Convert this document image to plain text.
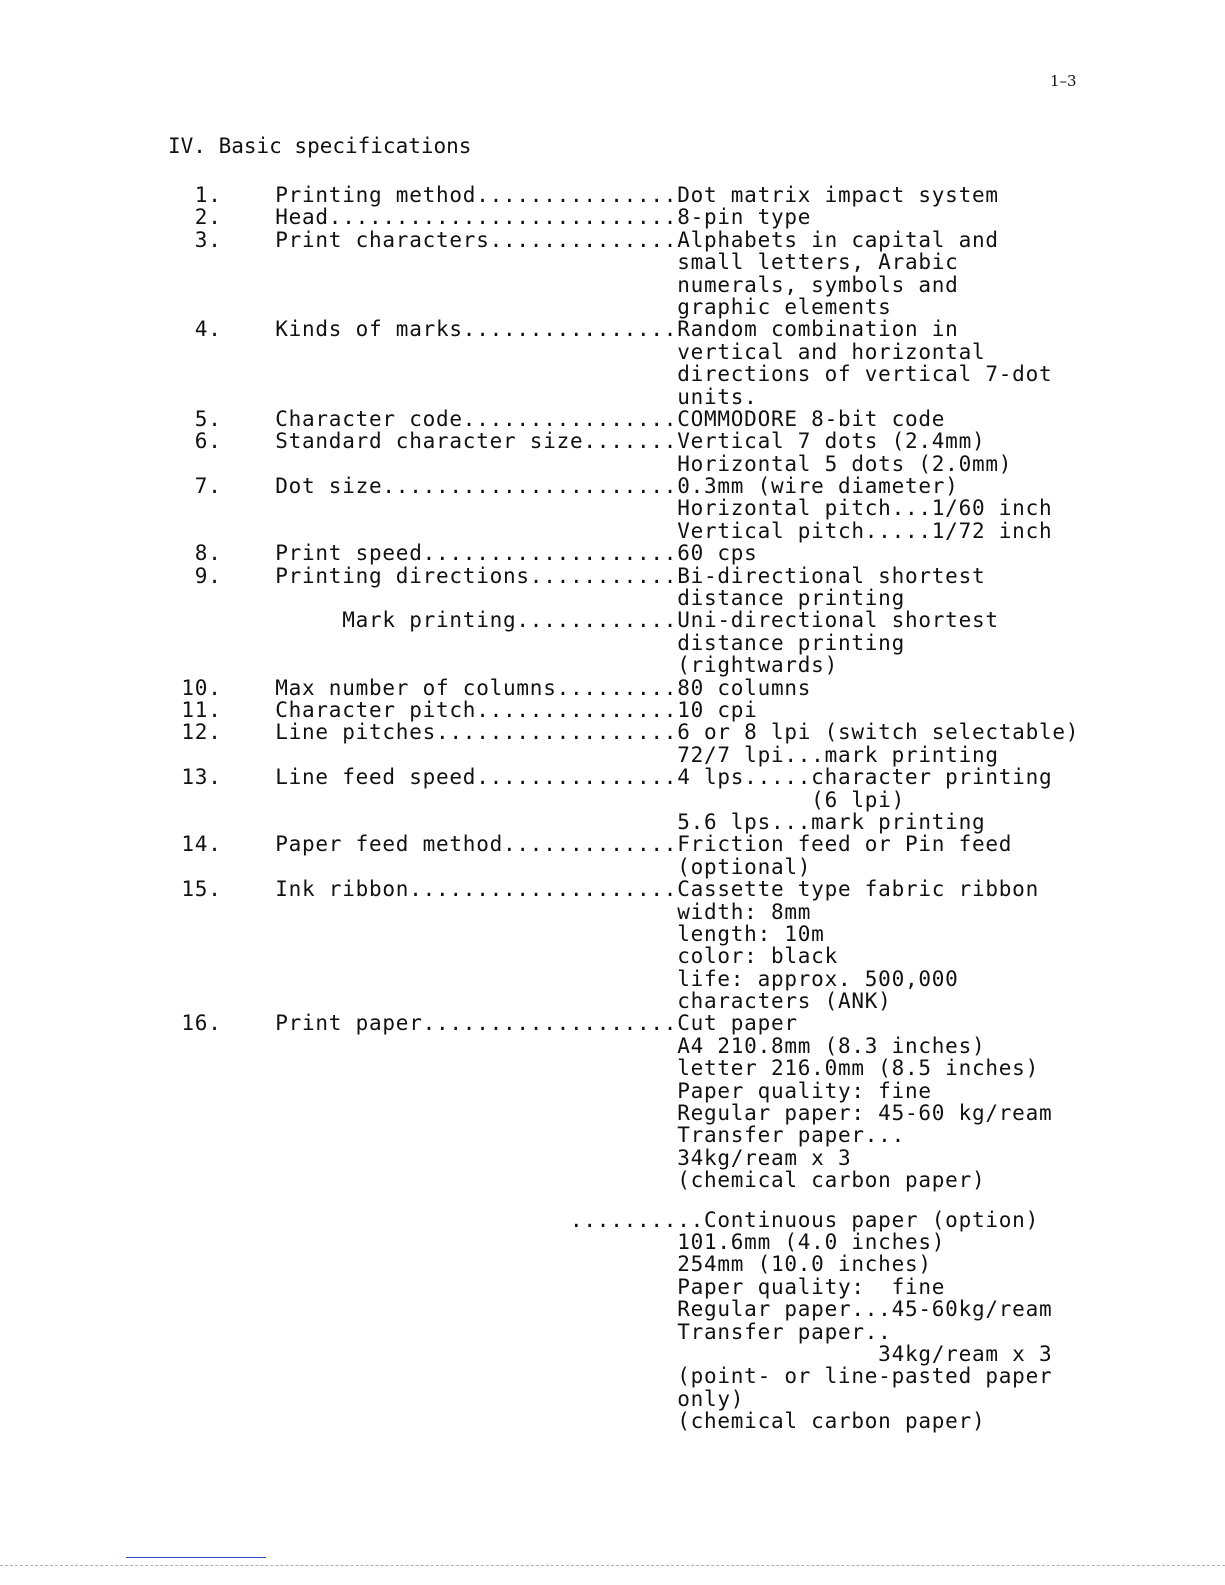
1–3
IV. Basic specifications
1.    Printing method...............Dot matrix impact system
2.    Head..........................8-pin type
3.    Print characters..............Alphabets in capital and
small letters, Arabic
numerals, symbols and
graphic elements
4.    Kinds of marks................Random combination in
vertical and horizontal
directions of vertical 7-dot
units.
5.    Character code................COMMODORE 8-bit code
6.    Standard character size.......Vertical 7 dots (2.4mm)
Horizontal 5 dots (2.0mm)
7.    Dot size......................0.3mm (wire diameter)
Horizontal pitch...1/60 inch
Vertical pitch.....1/72 inch
8.    Print speed...................60 cps
9.    Printing directions...........Bi-directional shortest
distance printing
Mark printing............Uni-directional shortest
distance printing
(rightwards)
10.    Max number of columns.........80 columns
11.    Character pitch...............10 cpi
12.    Line pitches..................6 or 8 lpi (switch selectable)
72/7 lpi...mark printing
13.    Line feed speed...............4 lps.....character printing
(6 lpi)
5.6 lps...mark printing
14.    Paper feed method.............Friction feed or Pin feed
(optional)
15.    Ink ribbon....................Cassette type fabric ribbon
width: 8mm
length: 10m
color: black
life: approx. 500,000
characters (ANK)
16.    Print paper...................Cut paper
A4 210.8mm (8.3 inches)
letter 216.0mm (8.5 inches)
Paper quality: fine
Regular paper: 45-60 kg/ream
Transfer paper...
34kg/ream x 3
(chemical carbon paper)
..........Continuous paper (option)
101.6mm (4.0 inches)
254mm (10.0 inches)
Paper quality:  fine
Regular paper...45-60kg/ream
Transfer paper..
34kg/ream x 3
(point- or line-pasted paper
only)
(chemical carbon paper)
